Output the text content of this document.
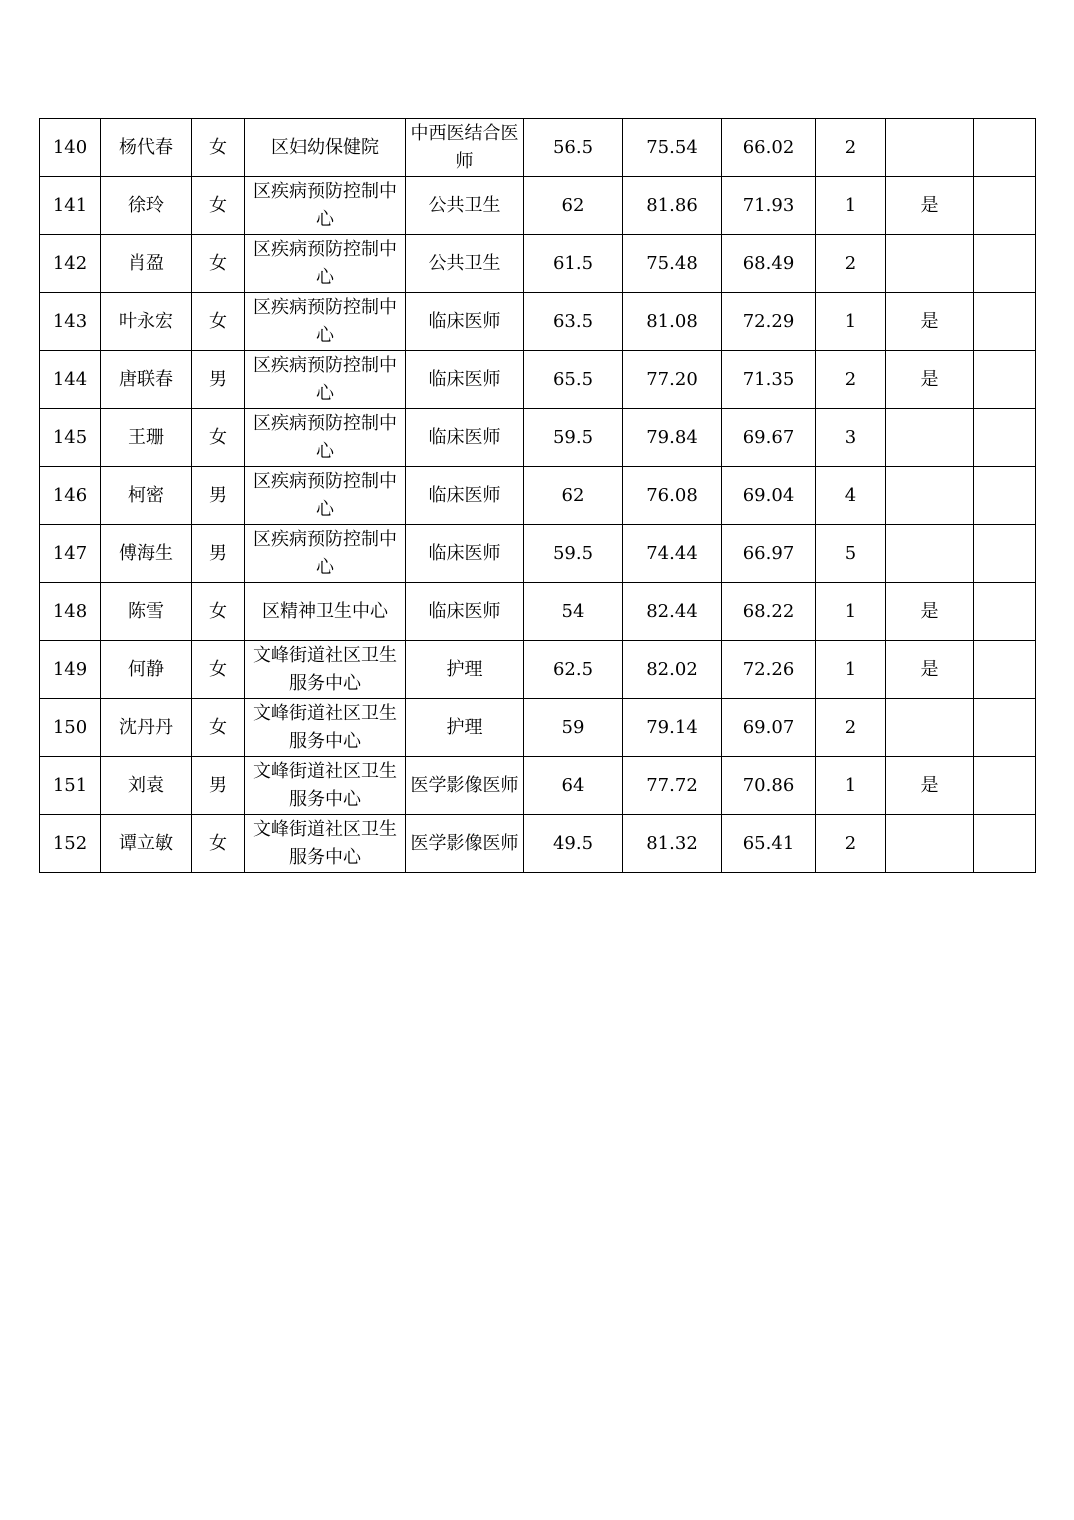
140	杨代春	女	区妇幼保健院	中西医结合医师	56.5	75.54	66.02	2		
141	徐玲	女	区疾病预防控制中心	公共卫生	62	81.86	71.93	1	是	
142	肖盈	女	区疾病预防控制中心	公共卫生	61.5	75.48	68.49	2		
143	叶永宏	女	区疾病预防控制中心	临床医师	63.5	81.08	72.29	1	是	
144	唐联春	男	区疾病预防控制中心	临床医师	65.5	77.20	71.35	2	是	
145	王珊	女	区疾病预防控制中心	临床医师	59.5	79.84	69.67	3		
146	柯密	男	区疾病预防控制中心	临床医师	62	76.08	69.04	4		
147	傅海生	男	区疾病预防控制中心	临床医师	59.5	74.44	66.97	5		
148	陈雪	女	区精神卫生中心	临床医师	54	82.44	68.22	1	是	
149	何静	女	文峰街道社区卫生服务中心	护理	62.5	82.02	72.26	1	是	
150	沈丹丹	女	文峰街道社区卫生服务中心	护理	59	79.14	69.07	2		
151	刘袁	男	文峰街道社区卫生服务中心	医学影像医师	64	77.72	70.86	1	是	
152	谭立敏	女	文峰街道社区卫生服务中心	医学影像医师	49.5	81.32	65.41	2		
